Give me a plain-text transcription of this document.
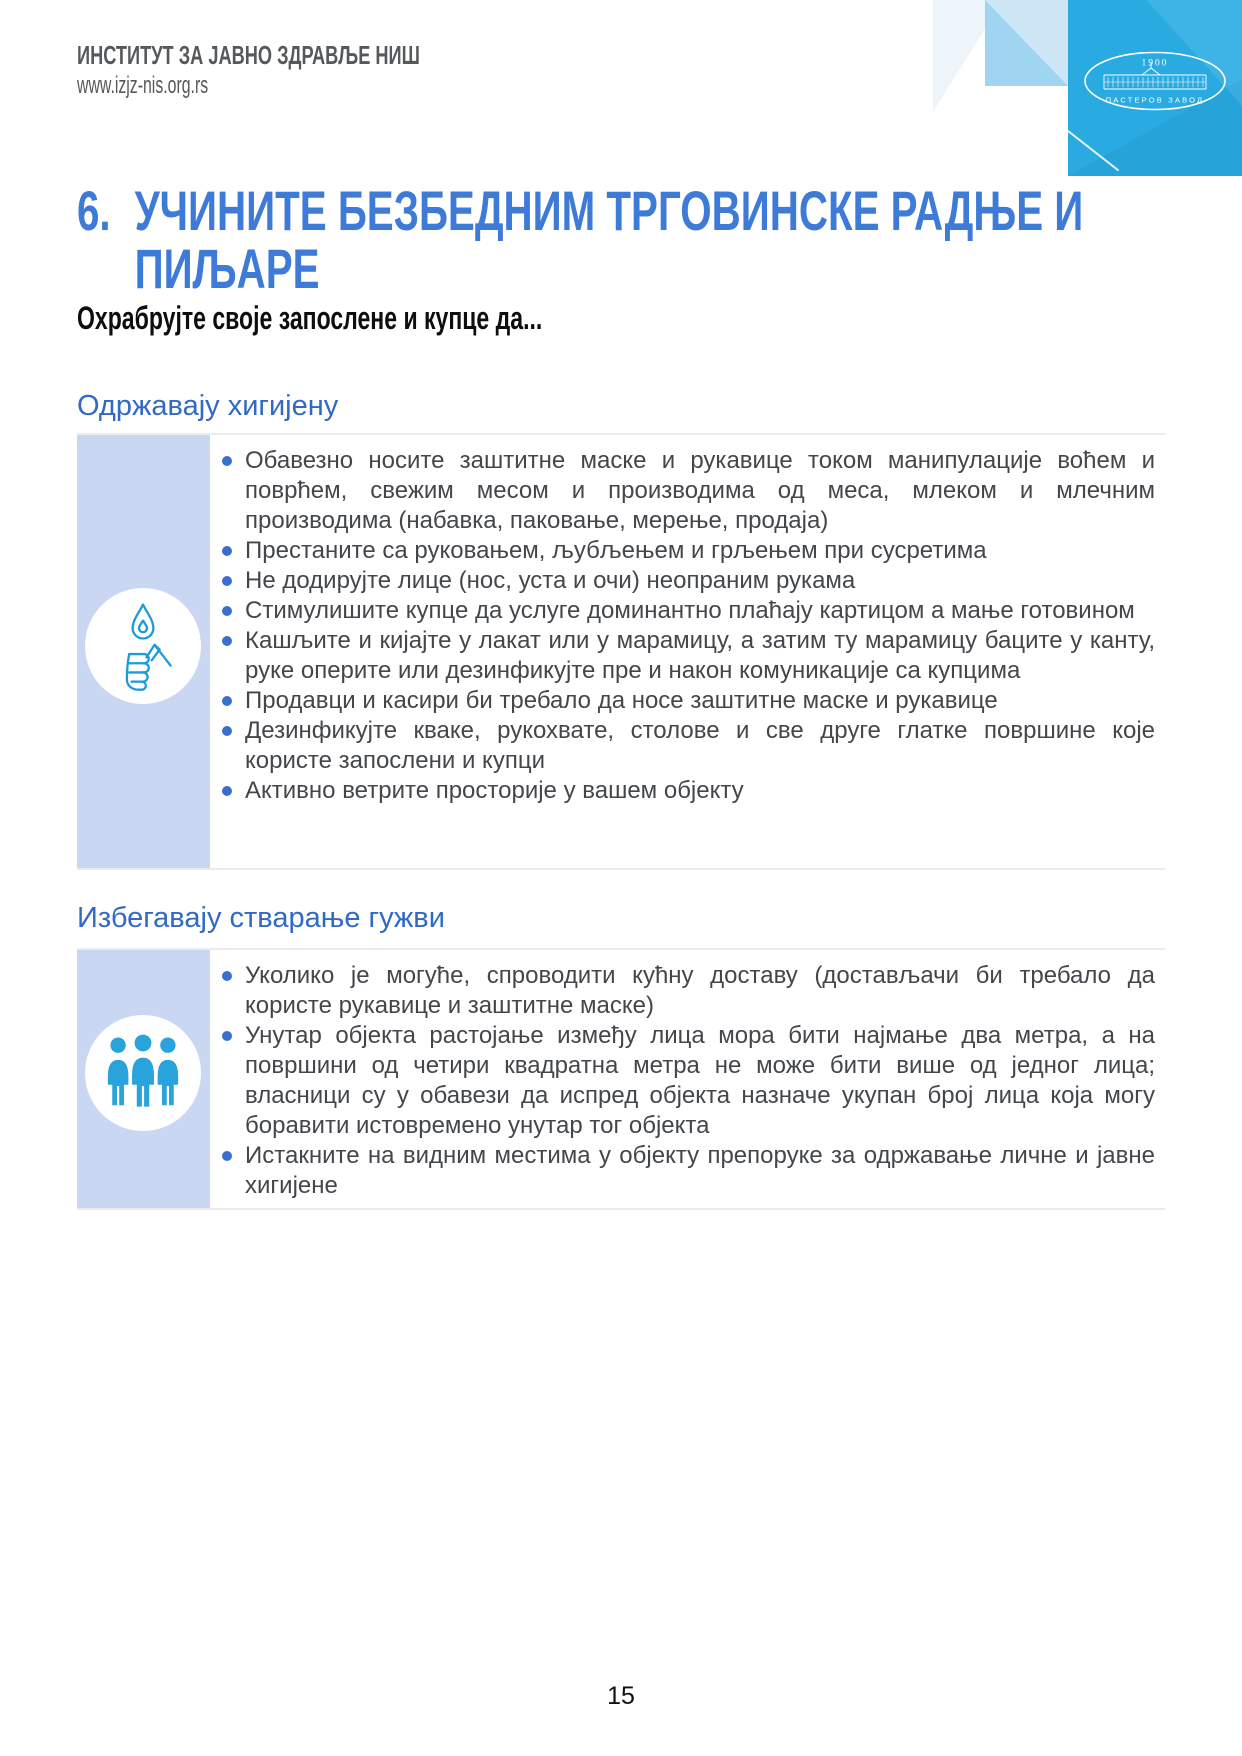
ИНСТИТУТ ЗА ЈАВНО ЗДРАВЉЕ НИШ
www.izjz-nis.org.rs
1900
ПАСТЕРОВ ЗАВОД
6. УЧИНИТЕ БЕЗБЕДНИМ ТРГОВИНСКЕ РАДЊЕ И
ПИЉАРЕ
Охрабрујте своје запослене и купце да...
Одржавају хигијену
Обавезно носите заштитне маске и рукавице током манипулације воћем и поврћем, свежим месом и производима од меса, млеком и млечним производима (набавка, паковање, мерење, продаја)
Престаните са руковањем, љубљењем и грљењем при сусретима
Не додирујте лице (нос, уста и очи) неопраним рукама
Стимулишите купце да услуге доминантно плаћају картицом а мање готовином
Кашљите и кијајте у лакат или у марамицу, а затим ту марамицу баците у канту, руке оперите или дезинфикујте пре и након комуникације са купцима
Продавци и касири би требало да носе заштитне маске и рукавице
Дезинфикујте кваке, рукохвате, столове и све друге глатке површине које користе запослени и купци
Активно ветрите просторије у вашем објекту
Избегавају стварање гужви
Уколико је могуће, спроводити кућну доставу (достављачи би требало да користе рукавице и заштитне маске)
Унутар објекта растојање између лица мора бити најмање два метра, а на површини од четири квадратна метра не може бити више од једног лица; власници су у обавези да испред објекта назначе укупан број лица која могу боравити истовремено унутар тог објекта
Истакните на видним местима у објекту препоруке за одржавање личне и јавне хигијене
15
